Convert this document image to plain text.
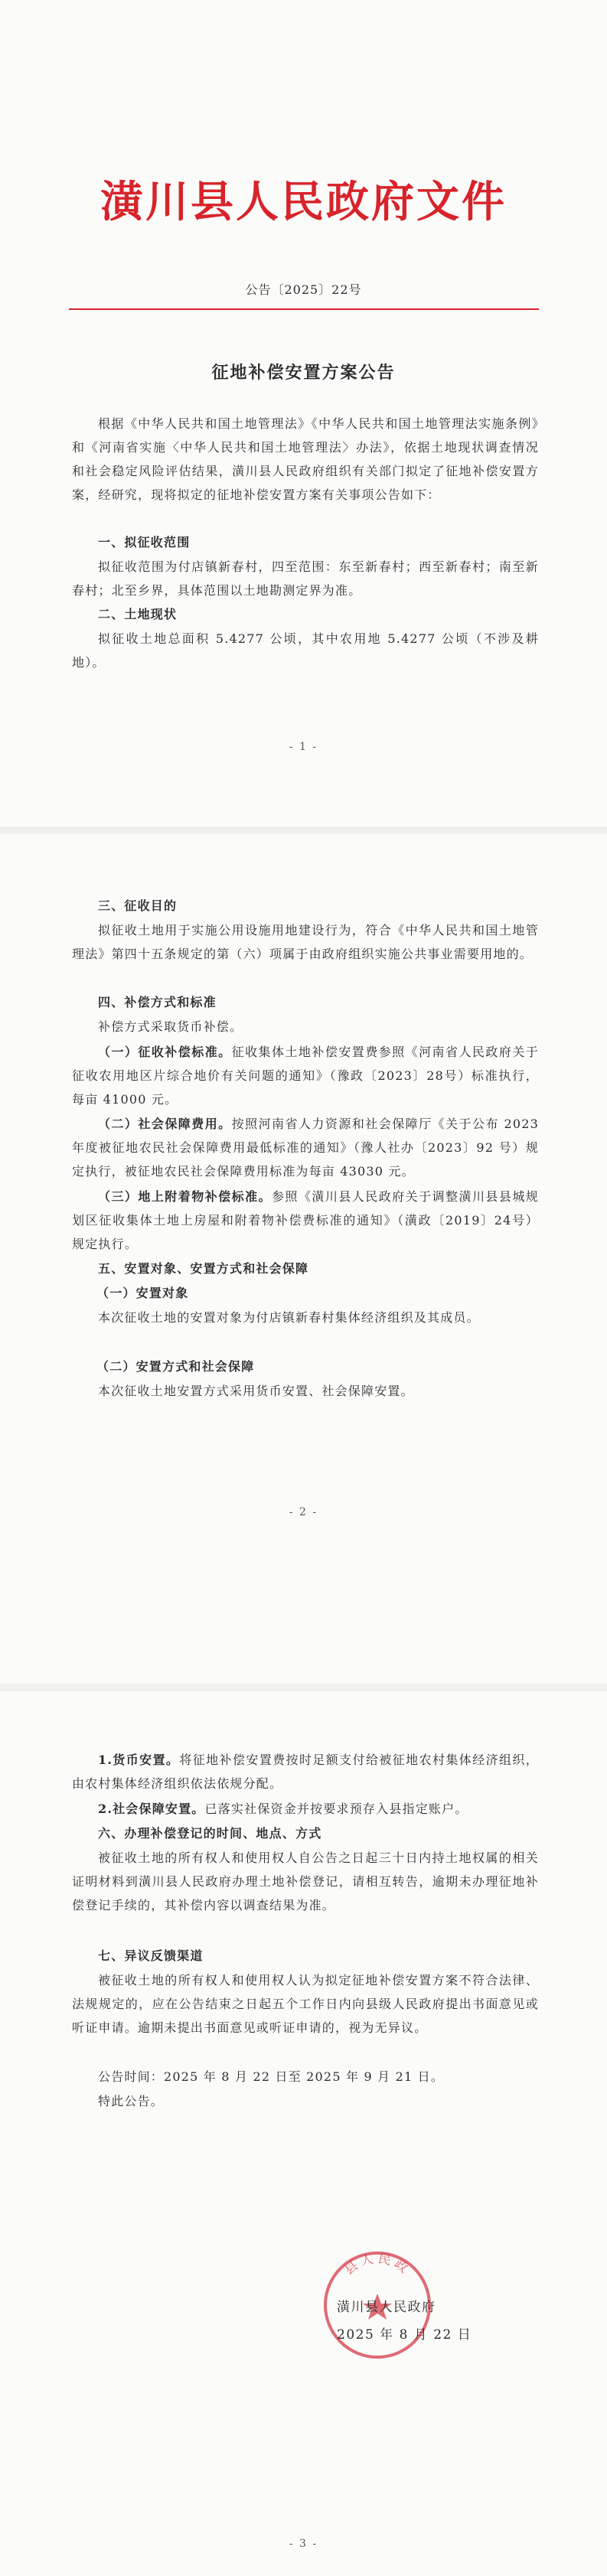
潢川县人民政府文件
公告〔2025〕22号
征地补偿安置方案公告

根据《中华人民共和国土地管理法》《中华人民共和国土地管理法实施条例》和《河南省实施〈中华人民共和国土地管理法〉办法》，依据土地现状调查情况和社会稳定风险评估结果，潢川县人民政府组织有关部门拟定了征地补偿安置方案，经研究，现将拟定的征地补偿安置方案有关事项公告如下：

一、拟征收范围

拟征收范围为付店镇新春村，四至范围：东至新春村；西至新春村；南至新春村；北至乡界，具体范围以土地勘测定界为准。

二、土地现状

拟征收土地总面积 5.4277 公顷，其中农用地 5.4277 公顷（不涉及耕地）。

- 1 -

三、征收目的

拟征收土地用于实施公用设施用地建设行为，符合《中华人民共和国土地管理法》第四十五条规定的第（六）项属于由政府组织实施公共事业需要用地的。

四、补偿方式和标准

补偿方式采取货币补偿。

（一）征收补偿标准。征收集体土地补偿安置费参照《河南省人民政府关于征收农用地区片综合地价有关问题的通知》（豫政〔2023〕28号）标准执行，每亩 41000 元。

（二）社会保障费用。按照河南省人力资源和社会保障厅《关于公布 2023 年度被征地农民社会保障费用最低标准的通知》（豫人社办〔2023〕92 号）规定执行，被征地农民社会保障费用标准为每亩 43030 元。

（三）地上附着物补偿标准。参照《潢川县人民政府关于调整潢川县县城规划区征收集体土地上房屋和附着物补偿费标准的通知》（潢政〔2019〕24号）规定执行。

五、安置对象、安置方式和社会保障

（一）安置对象

本次征收土地的安置对象为付店镇新春村集体经济组织及其成员。

（二）安置方式和社会保障

本次征收土地安置方式采用货币安置、社会保障安置。

- 2 -

1.货币安置。将征地补偿安置费按时足额支付给被征地农村集体经济组织，由农村集体经济组织依法依规分配。

2.社会保障安置。已落实社保资金并按要求预存入县指定账户。

六、办理补偿登记的时间、地点、方式

被征收土地的所有权人和使用权人自公告之日起三十日内持土地权属的相关证明材料到潢川县人民政府办理土地补偿登记，请相互转告，逾期未办理征地补偿登记手续的，其补偿内容以调查结果为准。

七、异议反馈渠道

被征收土地的所有权人和使用权人认为拟定征地补偿安置方案不符合法律、法规规定的，应在公告结束之日起五个工作日内向县级人民政府提出书面意见或听证申请。逾期未提出书面意见或听证申请的，视为无异议。

公告时间：2025 年 8 月 22 日至 2025 年 9 月 21 日。

特此公告。

- 3 -
县人民政
潢川县人民政府
2025 年 8 月 22 日
